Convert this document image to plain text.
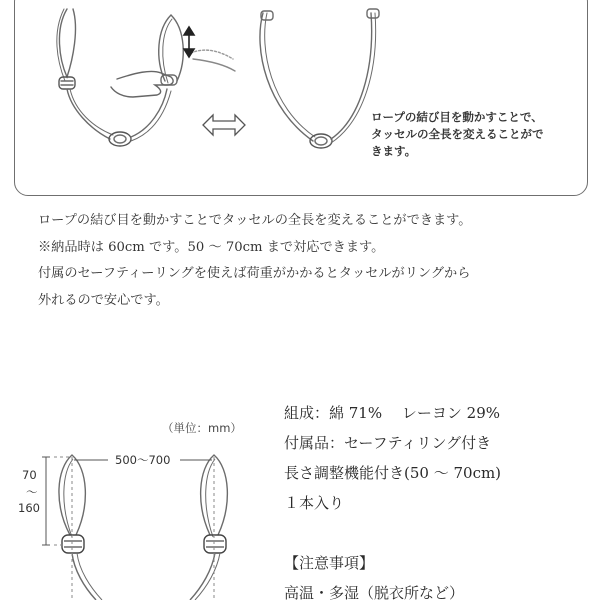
ロープの結び目を動かすことで、
タッセルの全長を変えることがで
きます。

ロープの結び目を動かすことでタッセルの全長を変えることができます。

※納品時は 60cm です。50 ～ 70cm まで対応できます。

付属のセーフティーリングを使えば荷重がかかるとタッセルがリングから

外れるので安心です。

（単位：mm）
500〜700
70
〜
160

組成：綿 71%　 レーヨン 29%

付属品：セーフティリング付き

長さ調整機能付き(50 ～ 70cm)

１本入り

【注意事項】

高温・多湿（脱衣所など）
